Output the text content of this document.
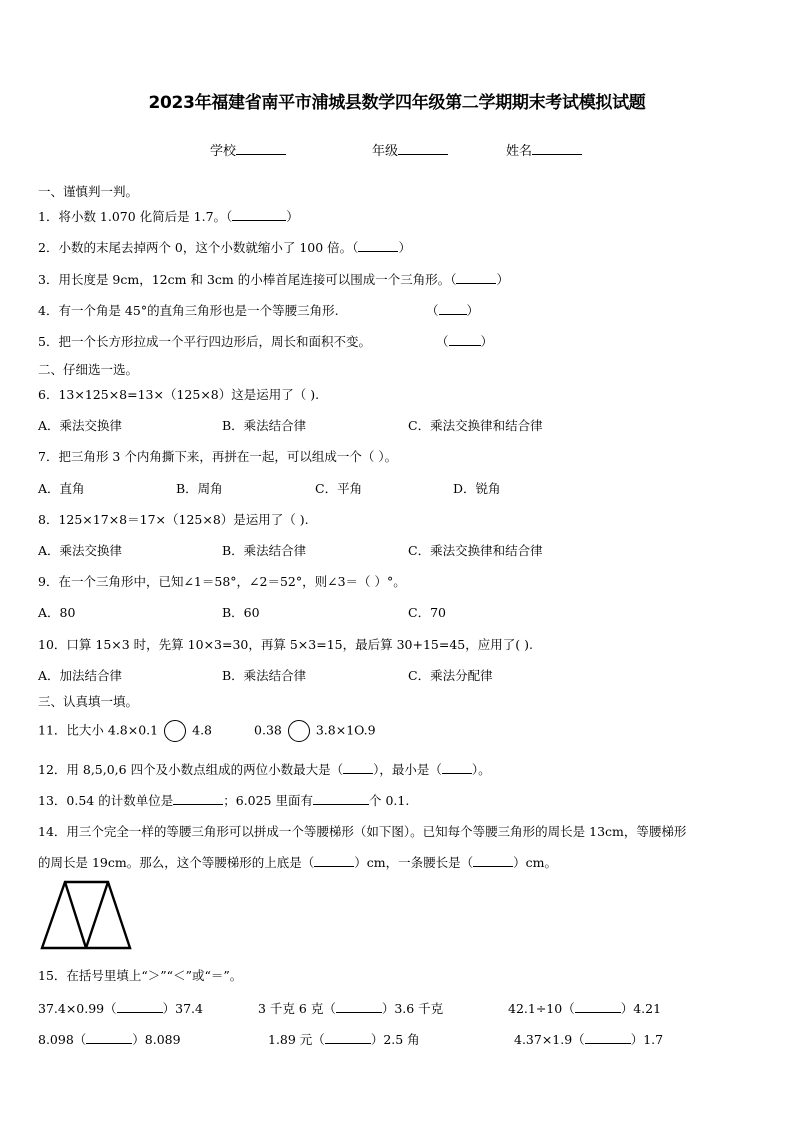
2023年福建省南平市浦城县数学四年级第二学期期末考试模拟试题
学校	年级	姓名
一、谨慎判一判。
1．将小数 1.070 化简后是 1.7。（	）
2．小数的末尾去掉两个 0，这个小数就缩小了 100 倍。（	）
3．用长度是 9cm，12cm 和 3cm 的小棒首尾连接可以围成一个三角形。（	）
4．有一个角是 45°的直角三角形也是一个等腰三角形.	（ ）
5．把一个长方形拉成一个平行四边形后，周长和面积不变。	（	）
二、仔细选一选。
6．13×125×8=13×（125×8）这是运用了（ ).
A．乘法交换律	B．乘法结合律	C．乘法交换律和结合律
7．把三角形 3 个内角撕下来，再拼在一起，可以组成一个（ ）。
A．直角	B．周角	C．平角	D．锐角
8．125×17×8＝17×（125×8）是运用了（ ).
A．乘法交换律	B．乘法结合律	C．乘法交换律和结合律
9．在一个三角形中，已知∠1＝58°，∠2＝52°，则∠3＝（ ）°。
A．80	B．60	C．70
10．口算 15×3 时，先算 10×3=30，再算 5×3=15，最后算 30+15=45，应用了( ).
A．加法结合律	B．乘法结合律	C．乘法分配律
三、认真填一填。
11．比大小 4.8×0.1	4.8	0.38	3.8×1O.9
12．用 8,5,0,6 四个及小数点组成的两位小数最大是（ ），最小是（ ）。
13．0.54 的计数单位是	；6.025 里面有	个 0.1.
14．用三个完全一样的等腰三角形可以拼成一个等腰梯形（如下图）。已知每个等腰三角形的周长是 13cm，等腰梯形
的周长是 19cm。那么，这个等腰梯形的上底是（	）cm，一条腰长是（	）cm。
15．在括号里填上“＞”“＜”或“＝”。
37.4×0.99（	）37.4	3 千克 6 克（	）3.6 千克	42.1÷10（	）4.21
8.098（	）8.089	1.89 元（	）2.5 角	4.37×1.9（	）1.7
